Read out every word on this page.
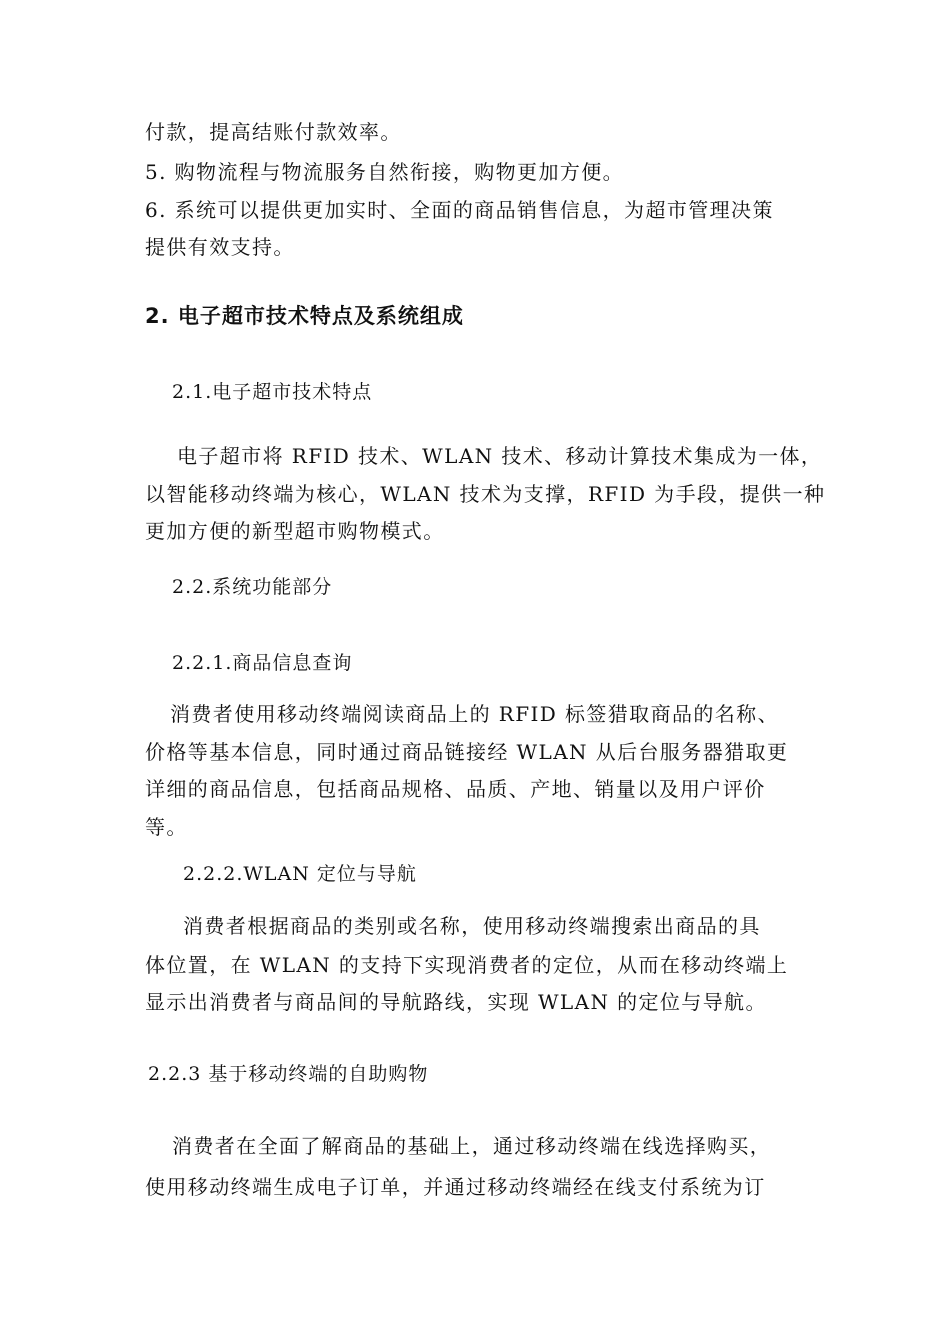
付款，提高结账付款效率。
5. 购物流程与物流服务自然衔接，购物更加方便。
6. 系统可以提供更加实时、全面的商品销售信息，为超市管理决策
提供有效支持。
2. 电子超市技术特点及系统组成
2.1.电子超市技术特点
电子超市将 RFID 技术、WLAN 技术、移动计算技术集成为一体，
以智能移动终端为核心，WLAN 技术为支撑，RFID 为手段，提供一种
更加方便的新型超市购物模式。
2.2.系统功能部分
2.2.1.商品信息查询
消费者使用移动终端阅读商品上的 RFID 标签猎取商品的名称、
价格等基本信息，同时通过商品链接经 WLAN 从后台服务器猎取更
详细的商品信息，包括商品规格、品质、产地、销量以及用户评价
等。
2.2.2.WLAN 定位与导航
消费者根据商品的类别或名称，使用移动终端搜索出商品的具
体位置，在 WLAN 的支持下实现消费者的定位，从而在移动终端上
显示出消费者与商品间的导航路线，实现 WLAN 的定位与导航。
2.2.3 基于移动终端的自助购物
消费者在全面了解商品的基础上，通过移动终端在线选择购买，
使用移动终端生成电子订单，并通过移动终端经在线支付系统为订
